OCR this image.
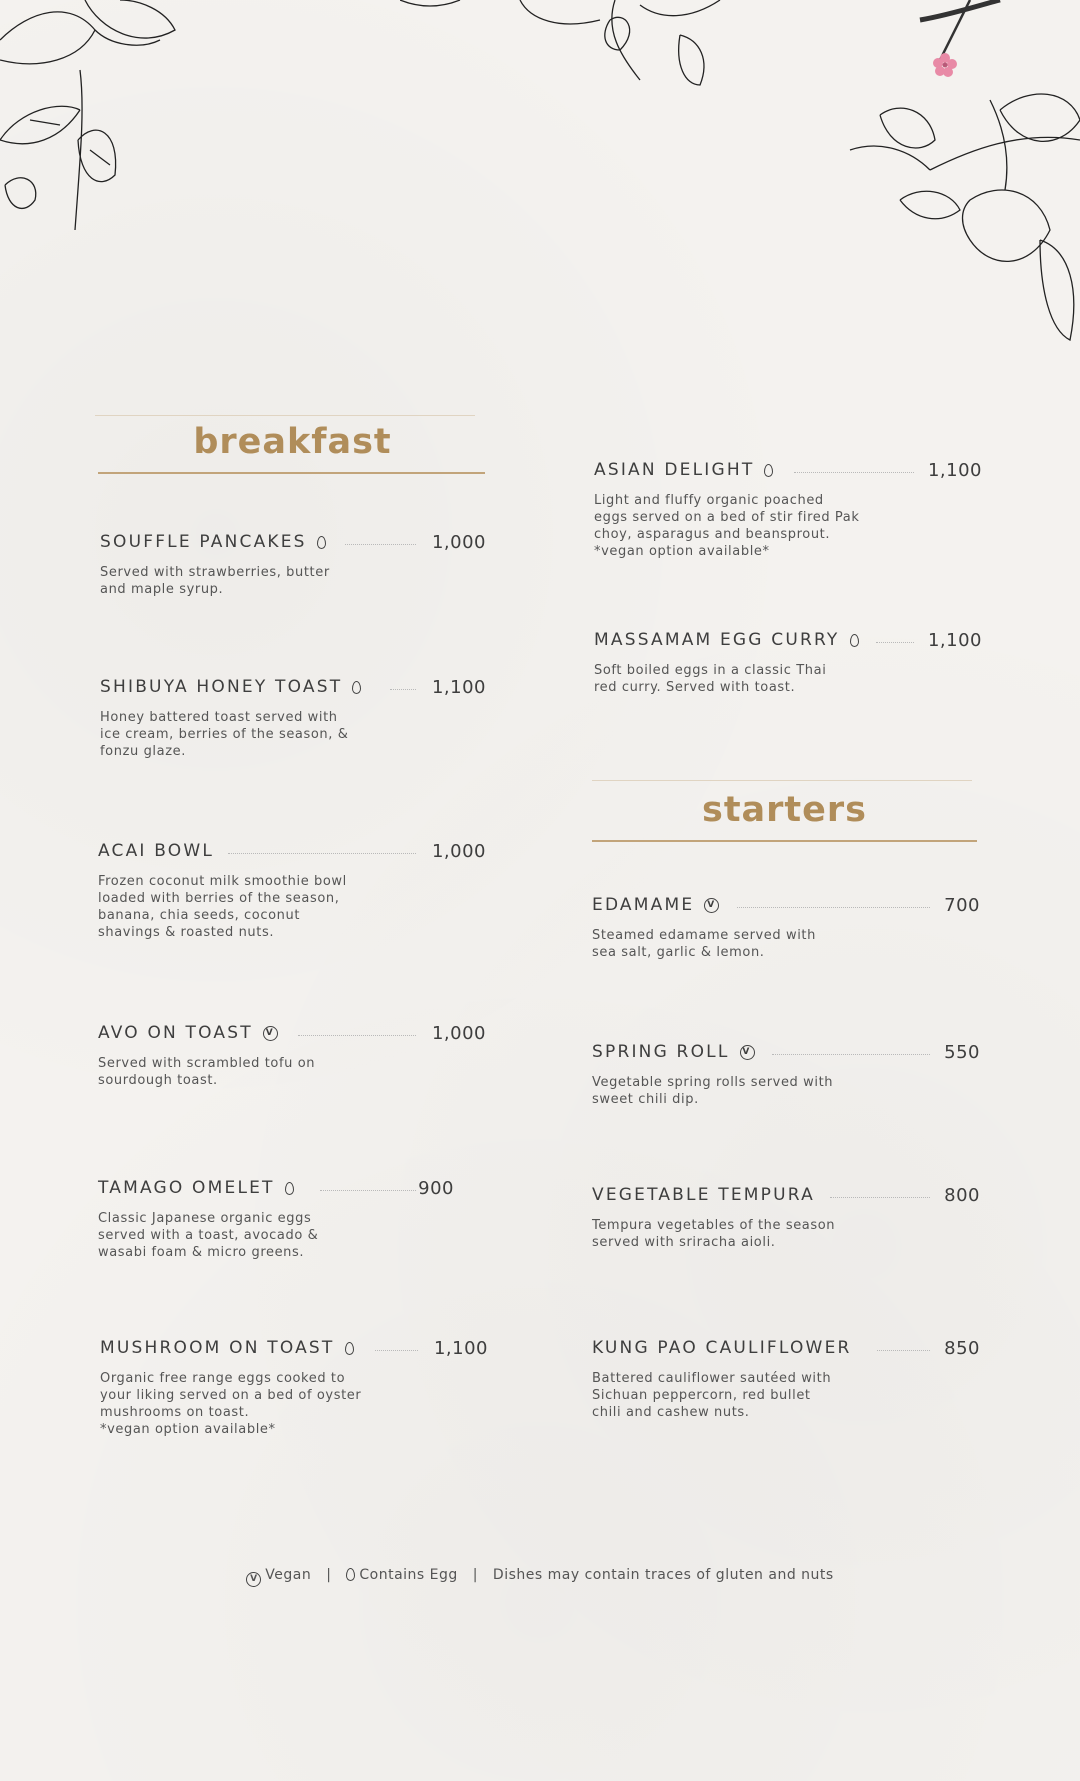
breakfast
starters
SOUFFLE PANCAKES	1,000
Served with strawberries, butter
and maple syrup.
SHIBUYA HONEY TOAST	1,100
Honey battered toast served with
ice cream, berries of the season, &
fonzu glaze.
ACAI BOWL	1,000
Frozen coconut milk smoothie bowl
loaded with berries of the season,
banana, chia seeds, coconut
shavings & roasted nuts.
AVO ON TOAST	V	1,000
Served with scrambled tofu on
sourdough toast.
TAMAGO OMELET	900
Classic Japanese organic eggs
served with a toast, avocado &
wasabi foam & micro greens.
MUSHROOM ON TOAST	1,100
Organic free range eggs cooked to
your liking served on a bed of oyster
mushrooms on toast.
*vegan option available*
ASIAN DELIGHT	1,100
Light and fluffy organic poached
eggs served on a bed of stir fired Pak
choy, asparagus and beansprout.
*vegan option available*
MASSAMAM EGG CURRY	1,100
Soft boiled eggs in a classic Thai
red curry. Served with toast.
EDAMAME	V	700
Steamed edamame served with
sea salt, garlic & lemon.
SPRING ROLL	V	550
Vegetable spring rolls served with
sweet chili dip.
VEGETABLE TEMPURA	800
Tempura vegetables of the season
served with sriracha aioli.
KUNG PAO CAULIFLOWER	850
Battered cauliflower sautéed with
Sichuan peppercorn, red bullet
chili and cashew nuts.
V Vegan | Contains Egg | Dishes may contain traces of gluten and nuts
